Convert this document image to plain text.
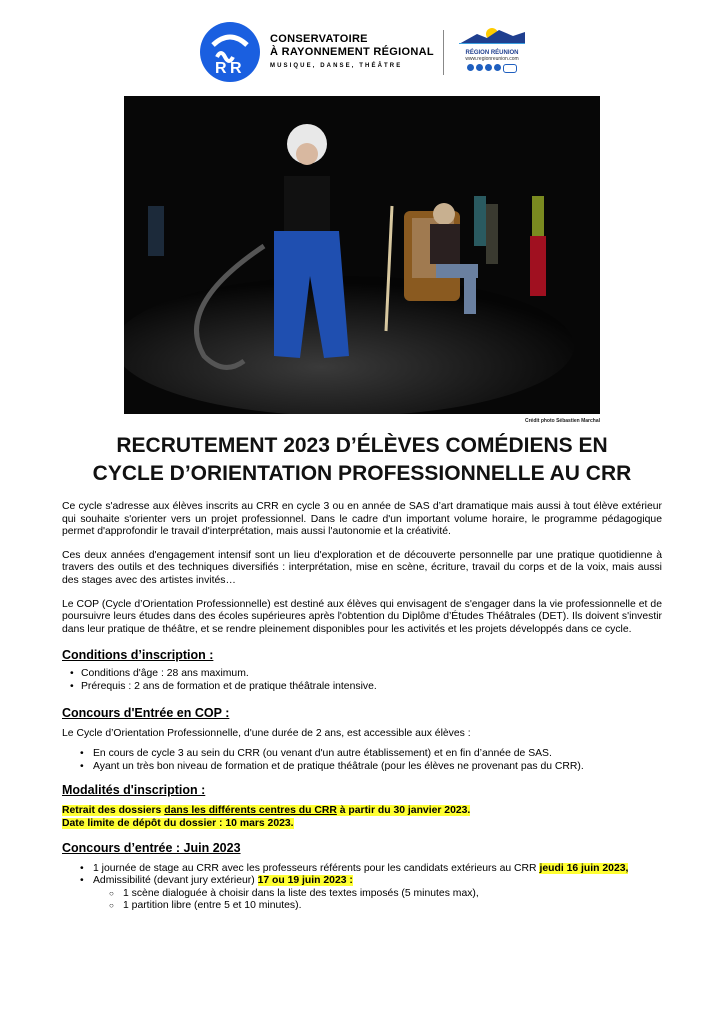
R R
CONSERVATOIRE
À RAYONNEMENT RÉGIONAL
MUSIQUE, DANSE, THÉÂTRE
RÉGION RÉUNION
www.regionreunion.com
Crédit photo Sébastien Marchal
RECRUTEMENT 2023 D’ÉLÈVES COMÉDIENS EN
CYCLE D’ORIENTATION PROFESSIONNELLE AU CRR

Ce cycle s'adresse aux élèves inscrits au CRR en cycle 3 ou en année de SAS d’art dramatique mais aussi à tout élève extérieur qui souhaite s'orienter vers un projet professionnel. Dans le cadre d'un important volume horaire, le programme pédagogique permet d'approfondir le travail d'interprétation, mais aussi l'autonomie et la créativité.

Ces deux années d'engagement intensif sont un lieu d'exploration et de découverte personnelle par une pratique quotidienne à travers des outils et des techniques diversifiés : interprétation, mise en scène, écriture, travail du corps et de la voix, mais aussi des stages avec des artistes invités…

Le COP (Cycle d’Orientation Professionnelle) est destiné aux élèves qui envisagent de s'engager dans la vie professionnelle et de poursuivre leurs études dans des écoles supérieures après l'obtention du Diplôme d’Études Théâtrales (DET). Ils doivent s'investir dans leur pratique de théâtre, et se rendre pleinement disponibles pour les activités et les projets développés dans ce cycle.

Conditions d’inscription :
• Conditions d'âge : 28 ans maximum.
• Prérequis : 2 ans de formation et de pratique théâtrale intensive.
Concours d'Entrée en COP :

Le Cycle d’Orientation Professionnelle, d'une durée de 2 ans, est accessible aux élèves :

• En cours de cycle 3 au sein du CRR (ou venant d'un autre établissement) et en fin d’année de SAS.
• Ayant un très bon niveau de formation et de pratique théâtrale (pour les élèves ne provenant pas du CRR).
Modalités d'inscription :

Retrait des dossiers dans les différents centres du CRR à partir du 30 janvier 2023.

Date limite de dépôt du dossier : 10 mars 2023.

Concours d’entrée : Juin 2023
• 1 journée de stage au CRR avec les professeurs référents pour les candidats extérieurs au CRR jeudi 16 juin 2023,
• Admissibilité (devant jury extérieur) 17 ou 19 juin 2023 :
○ 1 scène dialoguée à choisir dans la liste des textes imposés (5 minutes max),
○ 1 partition libre (entre 5 et 10 minutes).
